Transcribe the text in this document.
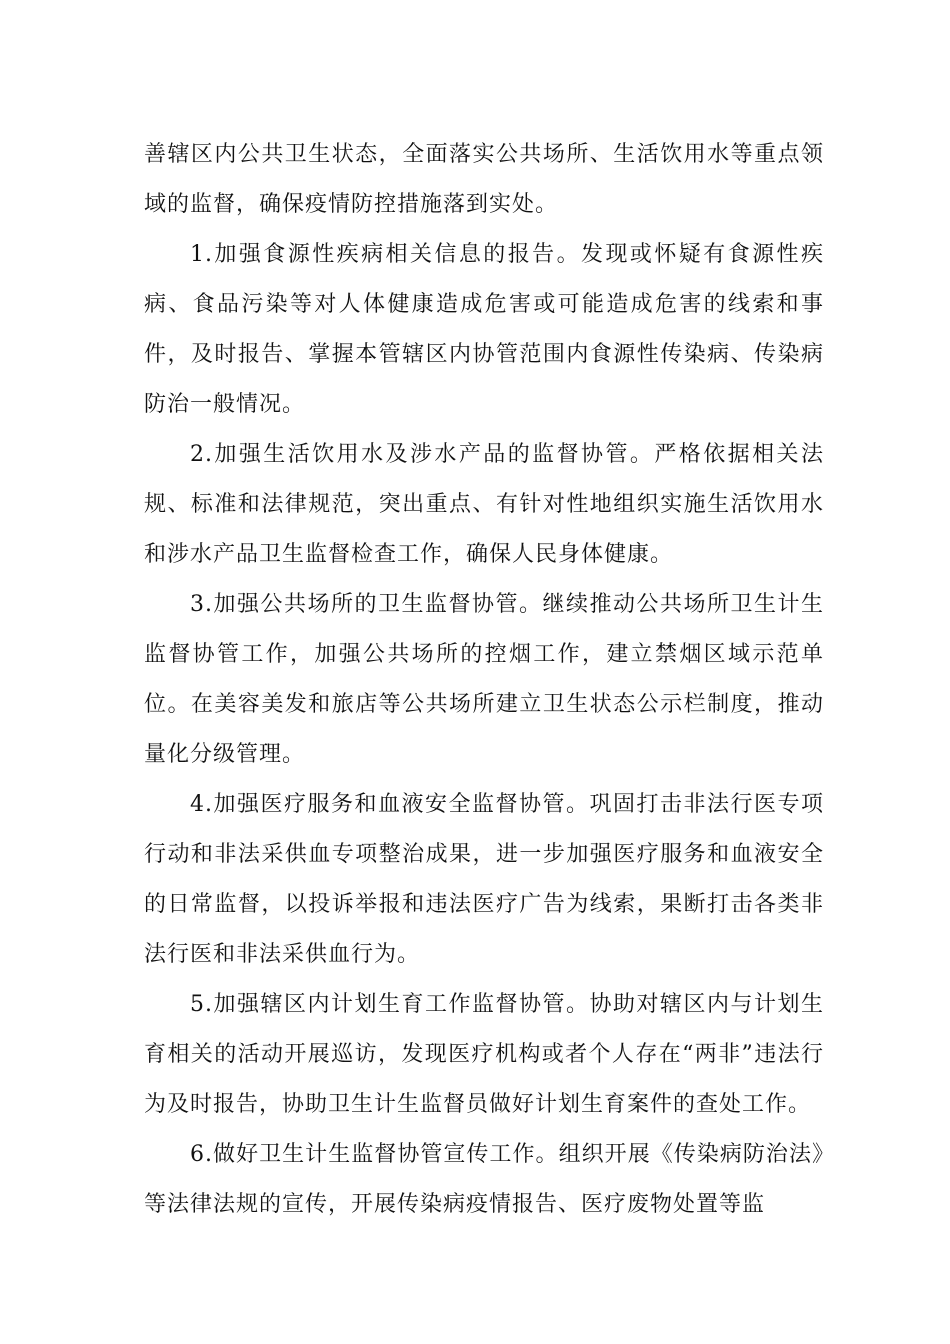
善辖区内公共卫生状态，全面落实公共场所、生活饮用水等重点领域的监督，确保疫情防控措施落到实处。

1.加强食源性疾病相关信息的报告。发现或怀疑有食源性疾病、食品污染等对人体健康造成危害或可能造成危害的线索和事件，及时报告、掌握本管辖区内协管范围内食源性传染病、传染病防治一般情况。

2.加强生活饮用水及涉水产品的监督协管。严格依据相关法规、标准和法律规范，突出重点、有针对性地组织实施生活饮用水和涉水产品卫生监督检查工作，确保人民身体健康。

3.加强公共场所的卫生监督协管。继续推动公共场所卫生计生监督协管工作，加强公共场所的控烟工作，建立禁烟区域示范单位。在美容美发和旅店等公共场所建立卫生状态公示栏制度，推动量化分级管理。

4.加强医疗服务和血液安全监督协管。巩固打击非法行医专项行动和非法采供血专项整治成果，进一步加强医疗服务和血液安全的日常监督，以投诉举报和违法医疗广告为线索，果断打击各类非法行医和非法采供血行为。

5.加强辖区内计划生育工作监督协管。协助对辖区内与计划生育相关的活动开展巡访，发现医疗机构或者个人存在“两非”违法行为及时报告，协助卫生计生监督员做好计划生育案件的查处工作。

6.做好卫生计生监督协管宣传工作。组织开展《传染病防治法》等法律法规的宣传，开展传染病疫情报告、医疗废物处置等监
